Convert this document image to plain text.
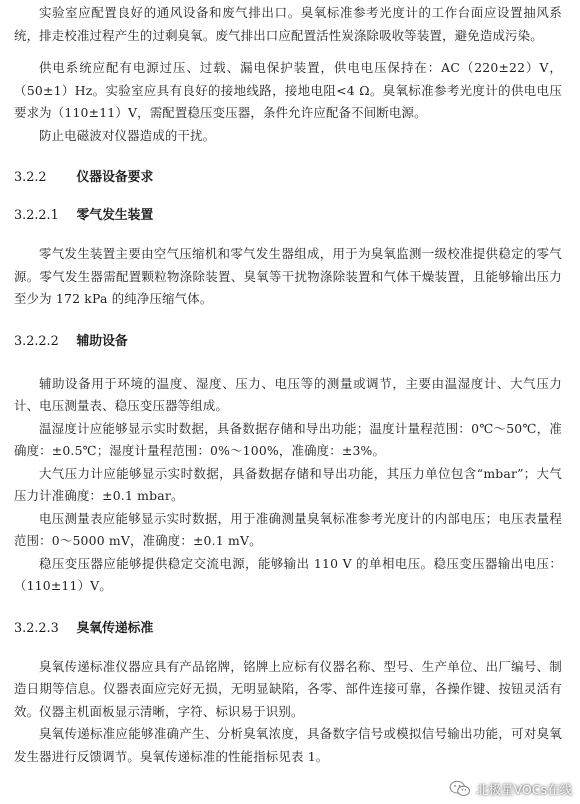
实验室应配置良好的通风设备和废气排出口。臭氧标准参考光度计的工作台面应设置抽风系统，排走校准过程产生的过剩臭氧。废气排出口应配置活性炭涤除吸收等装置，避免造成污染。

供电系统应配有电源过压、过载、漏电保护装置，供电电压保持在：AC（220±22）V，（50±1）Hz。实验室应具有良好的接地线路，接地电阻<4 Ω。臭氧标准参考光度计的供电电压要求为（110±11）V，需配置稳压变压器，条件允许应配备不间断电源。

防止电磁波对仪器造成的干扰。

3.2.2 仪器设备要求
3.2.2.1 零气发生装置

零气发生装置主要由空气压缩机和零气发生器组成，用于为臭氧监测一级校准提供稳定的零气源。零气发生器需配置颗粒物涤除装置、臭氧等干扰物涤除装置和气体干燥装置，且能够输出压力至少为 172 kPa 的纯净压缩气体。

3.2.2.2 辅助设备

辅助设备用于环境的温度、湿度、压力、电压等的测量或调节，主要由温湿度计、大气压力计、电压测量表、稳压变压器等组成。

温湿度计应能够显示实时数据，具备数据存储和导出功能；温度计量程范围：0℃～50℃，准确度：±0.5℃；湿度计量程范围：0%～100%，准确度：±3%。

大气压力计应能够显示实时数据，具备数据存储和导出功能，其压力单位包含“mbar”；大气压力计准确度：±0.1 mbar。

电压测量表应能够显示实时数据，用于准确测量臭氧标准参考光度计的内部电压；电压表量程范围：0～5000 mV，准确度：±0.1 mV。

稳压变压器应能够提供稳定交流电源，能够输出 110 V 的单相电压。稳压变压器输出电压：（110±11）V。

3.2.2.3 臭氧传递标准

臭氧传递标准仪器应具有产品铭牌，铭牌上应标有仪器名称、型号、生产单位、出厂编号、制造日期等信息。仪器表面应完好无损，无明显缺陷，各零、部件连接可靠，各操作键、按钮灵活有效。仪器主机面板显示清晰，字符、标识易于识别。

臭氧传递标准应能够准确产生、分析臭氧浓度，具备数字信号或模拟信号输出功能，可对臭氧发生器进行反馈调节。臭氧传递标准的性能指标见表 1。

北极星VOCs在线
